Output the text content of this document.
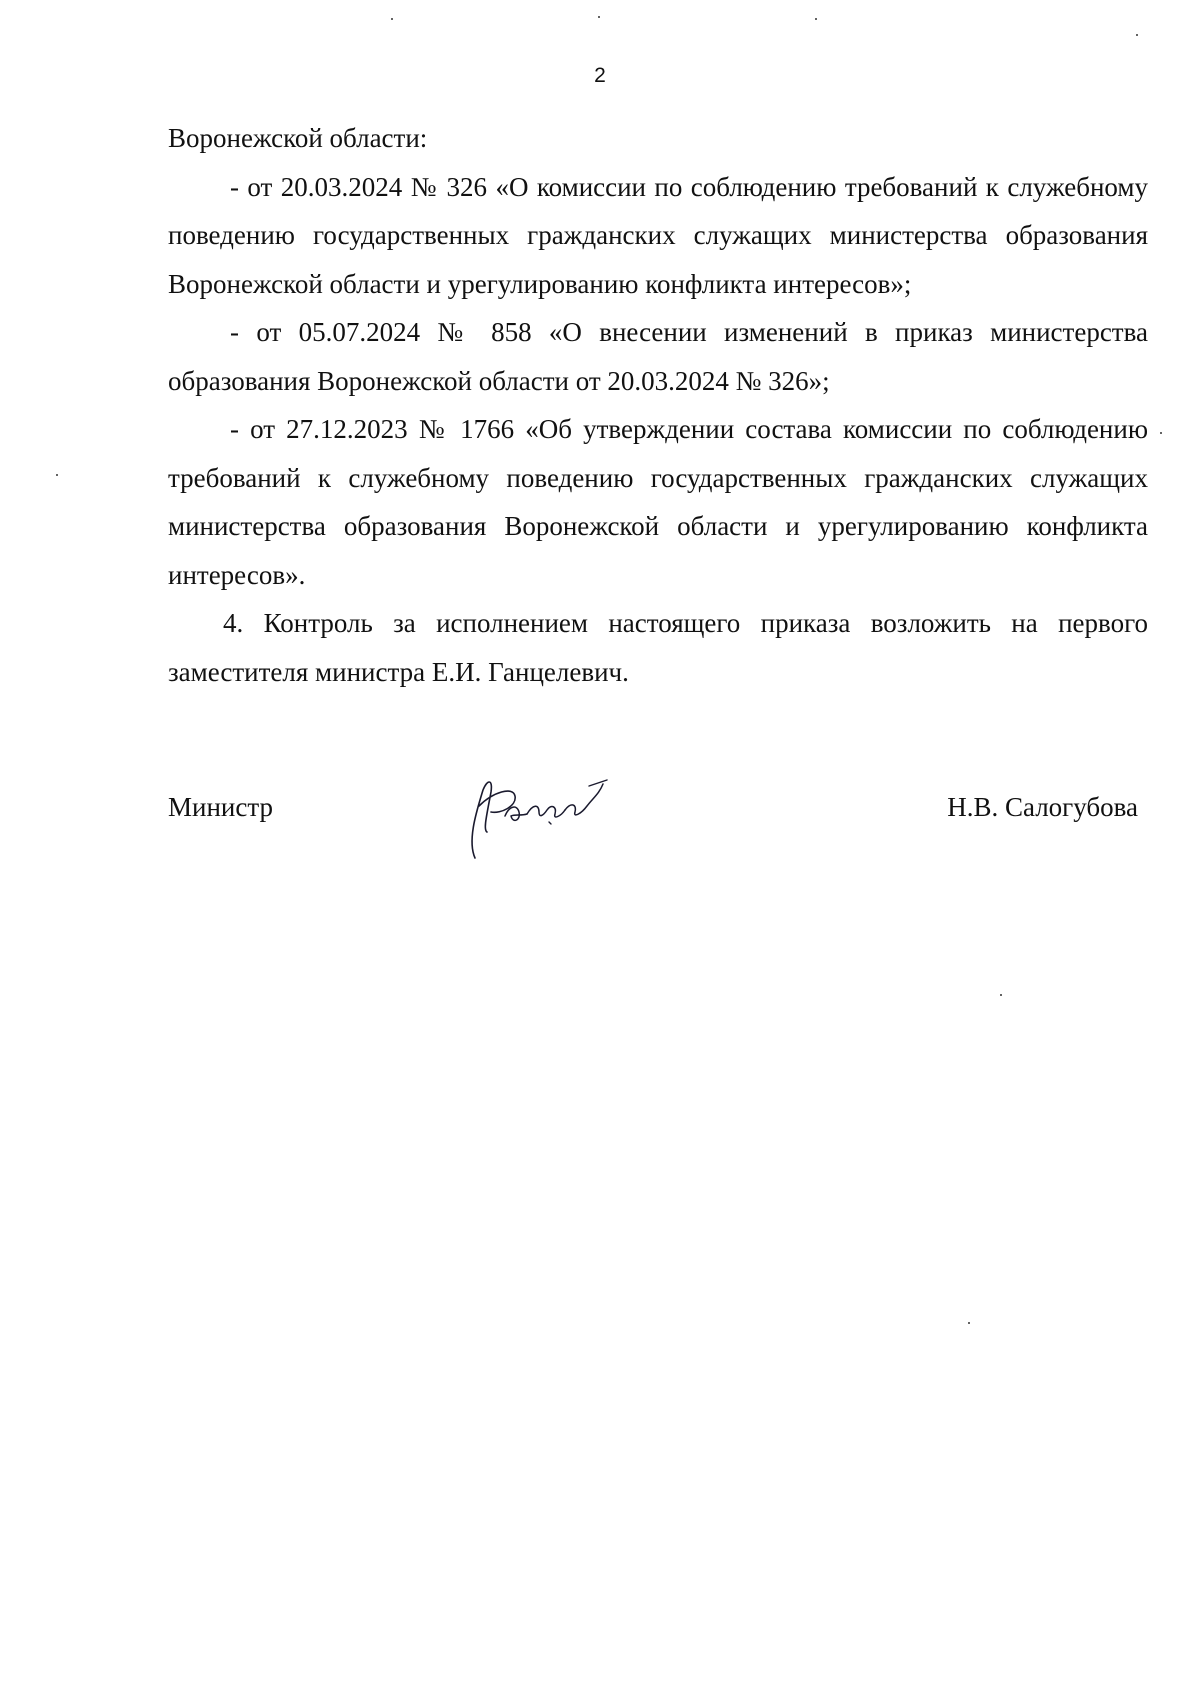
2

Воронежской области:

- от 20.03.2024 № 326 «О комиссии по соблюдению требований к служебному поведению государственных гражданских служащих министерства образования Воронежской области и урегулированию конфликта интересов»;

- от 05.07.2024 № 858 «О внесении изменений в приказ министерства образования Воронежской области от 20.03.2024 № 326»;

- от 27.12.2023 № 1766 «Об утверждении состава комиссии по соблюдению требований к служебному поведению государственных гражданских служащих министерства образования Воронежской области и урегулированию конфликта интересов».

4. Контроль за исполнением настоящего приказа возложить на первого заместителя министра Е.И. Ганцелевич.

Министр	Н.В. Салогубова
